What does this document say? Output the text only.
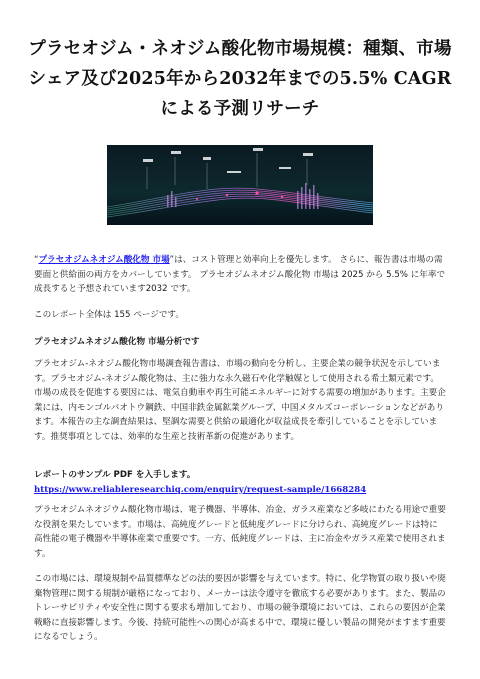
プラセオジム・ネオジム酸化物市場規模：種類、市場シェア及び2025年から2032年までの5.5% CAGRによる予測リサーチ

“プラセオジムネオジム酸化物 市場”は、コスト管理と効率向上を優先します。 さらに、報告書は市場の需要面と供給面の両方をカバーしています。 プラセオジムネオジム酸化物 市場は 2025 から 5.5% に年率で成長すると予想されています2032 です。

このレポート全体は 155 ページです。

プラセオジムネオジム酸化物 市場分析です

プラセオジム-ネオジム酸化物市場調査報告書は、市場の動向を分析し、主要企業の競争状況を示しています。プラセオジム-ネオジム酸化物は、主に強力な永久磁石や化学触媒として使用される希土類元素です。市場の成長を促進する要因には、電気自動車や再生可能エネルギーに対する需要の増加があります。主要企業には、内モンゴルバオトウ鋼鉄、中国非鉄金属鉱業グループ、中国メタルズコーポレーションなどがあります。本報告の主な調査結果は、堅調な需要と供給の最適化が収益成長を牽引していることを示しています。推奨事項としては、効率的な生産と技術革新の促進があります。

レポートのサンプル PDF を入手します。 https://www.reliableresearchiq.com/enquiry/request-sample/1668284

プラセオジムネオジウム酸化物市場は、電子機器、半導体、冶金、ガラス産業など多岐にわたる用途で重要な役割を果たしています。市場は、高純度グレードと低純度グレードに分けられ、高純度グレードは特に高性能の電子機器や半導体産業で重要です。一方、低純度グレードは、主に冶金やガラス産業で使用されます。

この市場には、環境規制や品質標準などの法的要因が影響を与えています。特に、化学物質の取り扱いや廃棄物管理に関する規制が厳格になっており、メーカーは法令遵守を徹底する必要があります。また、製品のトレーサビリティや安全性に関する要求も増加しており、市場の競争環境においては、これらの要因が企業戦略に直接影響します。今後、持続可能性への関心が高まる中で、環境に優しい製品の開発がますます重要になるでしょう。
